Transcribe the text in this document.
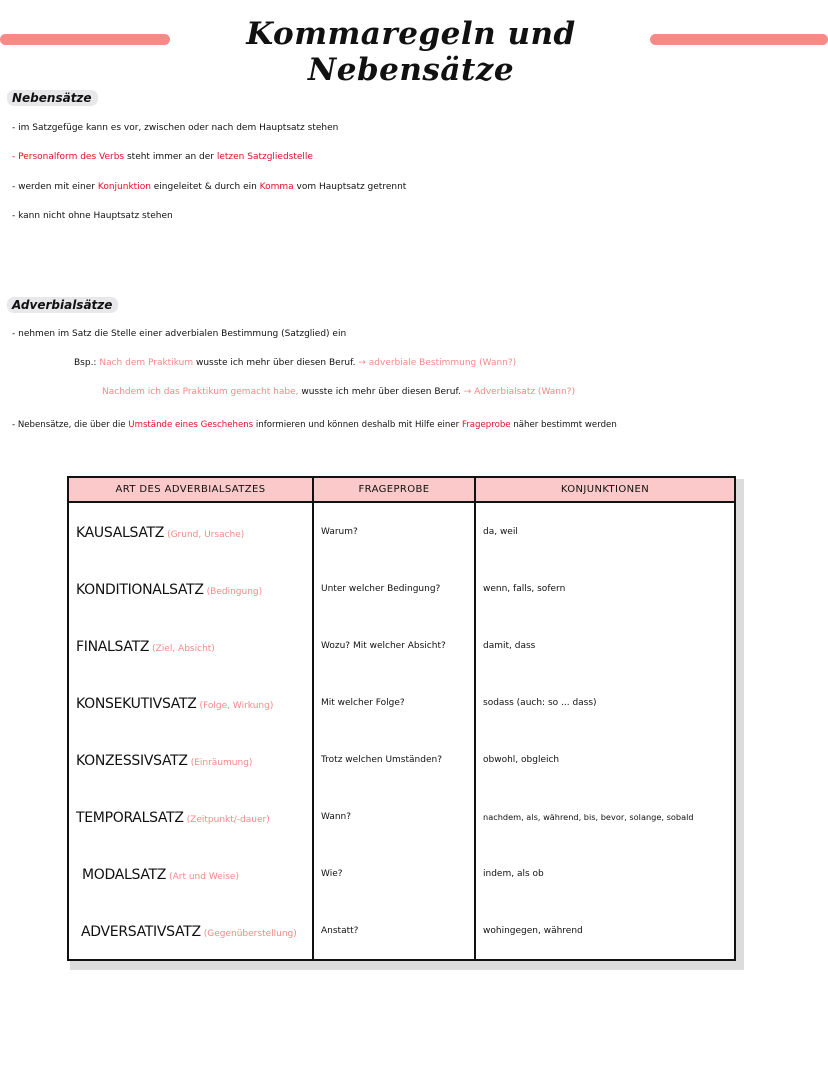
Kommaregeln und Nebensätze
Nebensätze
- im Satzgefüge kann es vor, zwischen oder nach dem Hauptsatz stehen
- Personalform des Verbs steht immer an der letzen Satzgliedstelle
- werden mit einer Konjunktion eingeleitet & durch ein Komma vom Hauptsatz getrennt
- kann nicht ohne Hauptsatz stehen
Adverbialsätze
- nehmen im Satz die Stelle einer adverbialen Bestimmung (Satzglied) ein
Bsp.: Nach dem Praktikum wusste ich mehr über diesen Beruf. → adverbiale Bestimmung (Wann?)
Nachdem ich das Praktikum gemacht habe, wusste ich mehr über diesen Beruf. → Adverbialsatz (Wann?)
- Nebensätze, die über die Umstände eines Geschehens informieren und können deshalb mit Hilfe einer Frageprobe näher bestimmt werden
ART DES ADVERBIALSATZES	FRAGEPROBE	KONJUNKTIONEN
KAUSALSATZ (Grund, Ursache)	Warum?	da, weil
KONDITIONALSATZ (Bedingung)	Unter welcher Bedingung?	wenn, falls, sofern
FINALSATZ (Ziel, Absicht)	Wozu? Mit welcher Absicht?	damit, dass
KONSEKUTIVSATZ (Folge, Wirkung)	Mit welcher Folge?	sodass (auch: so ... dass)
KONZESSIVSATZ (Einräumung)	Trotz welchen Umständen?	obwohl, obgleich
TEMPORALSATZ (Zeitpunkt/-dauer)	Wann?	nachdem, als, während, bis, bevor, solange, sobald
MODALSATZ (Art und Weise)	Wie?	indem, als ob
ADVERSATIVSATZ (Gegenüberstellung)	Anstatt?	wohingegen, während
